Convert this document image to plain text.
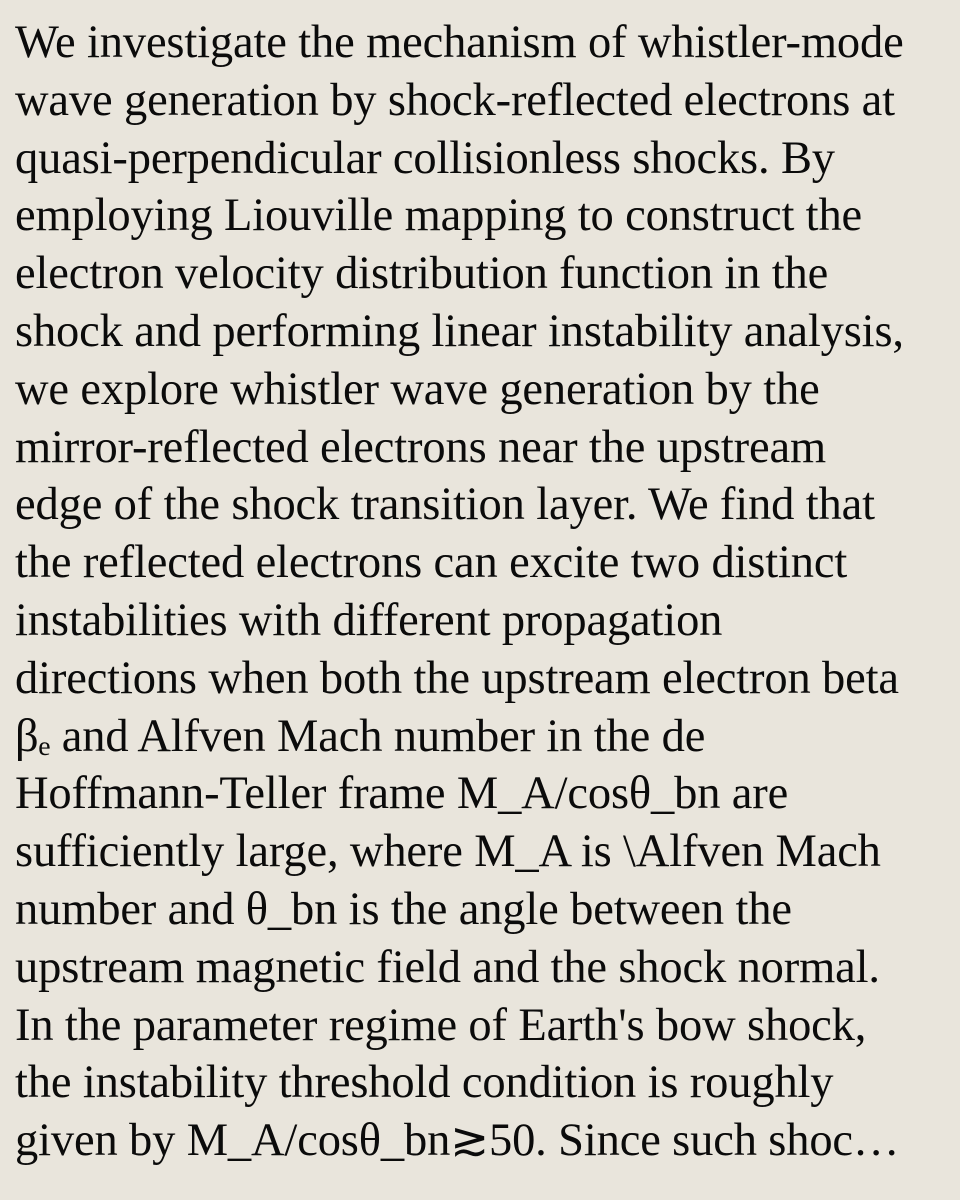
We investigate the mechanism of whistler-mode
wave generation by shock-reflected electrons at
quasi-perpendicular collisionless shocks. By
employing Liouville mapping to construct the
electron velocity distribution function in the
shock and performing linear instability analysis,
we explore whistler wave generation by the
mirror-reflected electrons near the upstream
edge of the shock transition layer. We find that
the reflected electrons can excite two distinct
instabilities with different propagation
directions when both the upstream electron beta
βₑ and Alfven Mach number in the de
Hoffmann-Teller frame M_A/cosθ_bn are
sufficiently large, where M_A is \Alfven Mach
number and θ_bn is the angle between the
upstream magnetic field and the shock normal.
In the parameter regime of Earth's bow shock,
the instability threshold condition is roughly
given by M_A/cosθ_bn≳50. Since such shoc…
